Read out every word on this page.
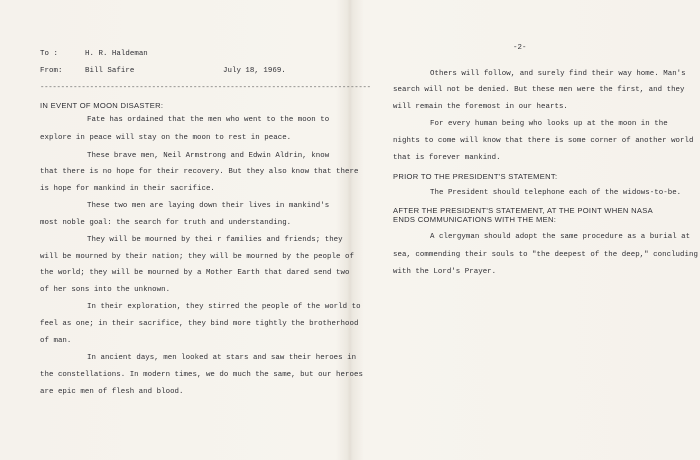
To :	H. R. Haldeman
From:	Bill Safire	July 18, 1969.
--------------------------------------------------------------------------------
IN EVENT OF MOON DISASTER:
Fate has ordained that the men who went to the moon to
explore in peace will stay on the moon to rest in peace.
These brave men, Neil Armstrong and Edwin Aldrin, know
that there is no hope for their recovery. But they also know that there
is hope for mankind in their sacrifice.
These two men are laying down their lives in mankind's
most noble goal: the search for truth and understanding.
They will be mourned by thei r families and friends; they
will be mourned by their nation; they will be mourned by the people of
the world; they will be mourned by a Mother Earth that dared send two
of her sons into the unknown.
In their exploration, they stirred the people of the world to
feel as one; in their sacrifice, they bind more tightly the brotherhood
of man.
In ancient days, men looked at stars and saw their heroes in
the constellations. In modern times, we do much the same, but our heroes
are epic men of flesh and blood.
-2-
Others will follow, and surely find their way home. Man's
search will not be denied. But these men were the first, and they
will remain the foremost in our hearts.
For every human being who looks up at the moon in the
nights to come will know that there is some corner of another world
that is forever mankind.
PRIOR TO THE PRESIDENT'S STATEMENT:
The President should telephone each of the widows-to-be.
AFTER THE PRESIDENT'S STATEMENT, AT THE POINT WHEN NASA
ENDS COMMUNICATIONS WITH THE MEN:
A clergyman should adopt the same procedure as a burial at
sea, commending their souls to "the deepest of the deep," concluding
with the Lord's Prayer.
